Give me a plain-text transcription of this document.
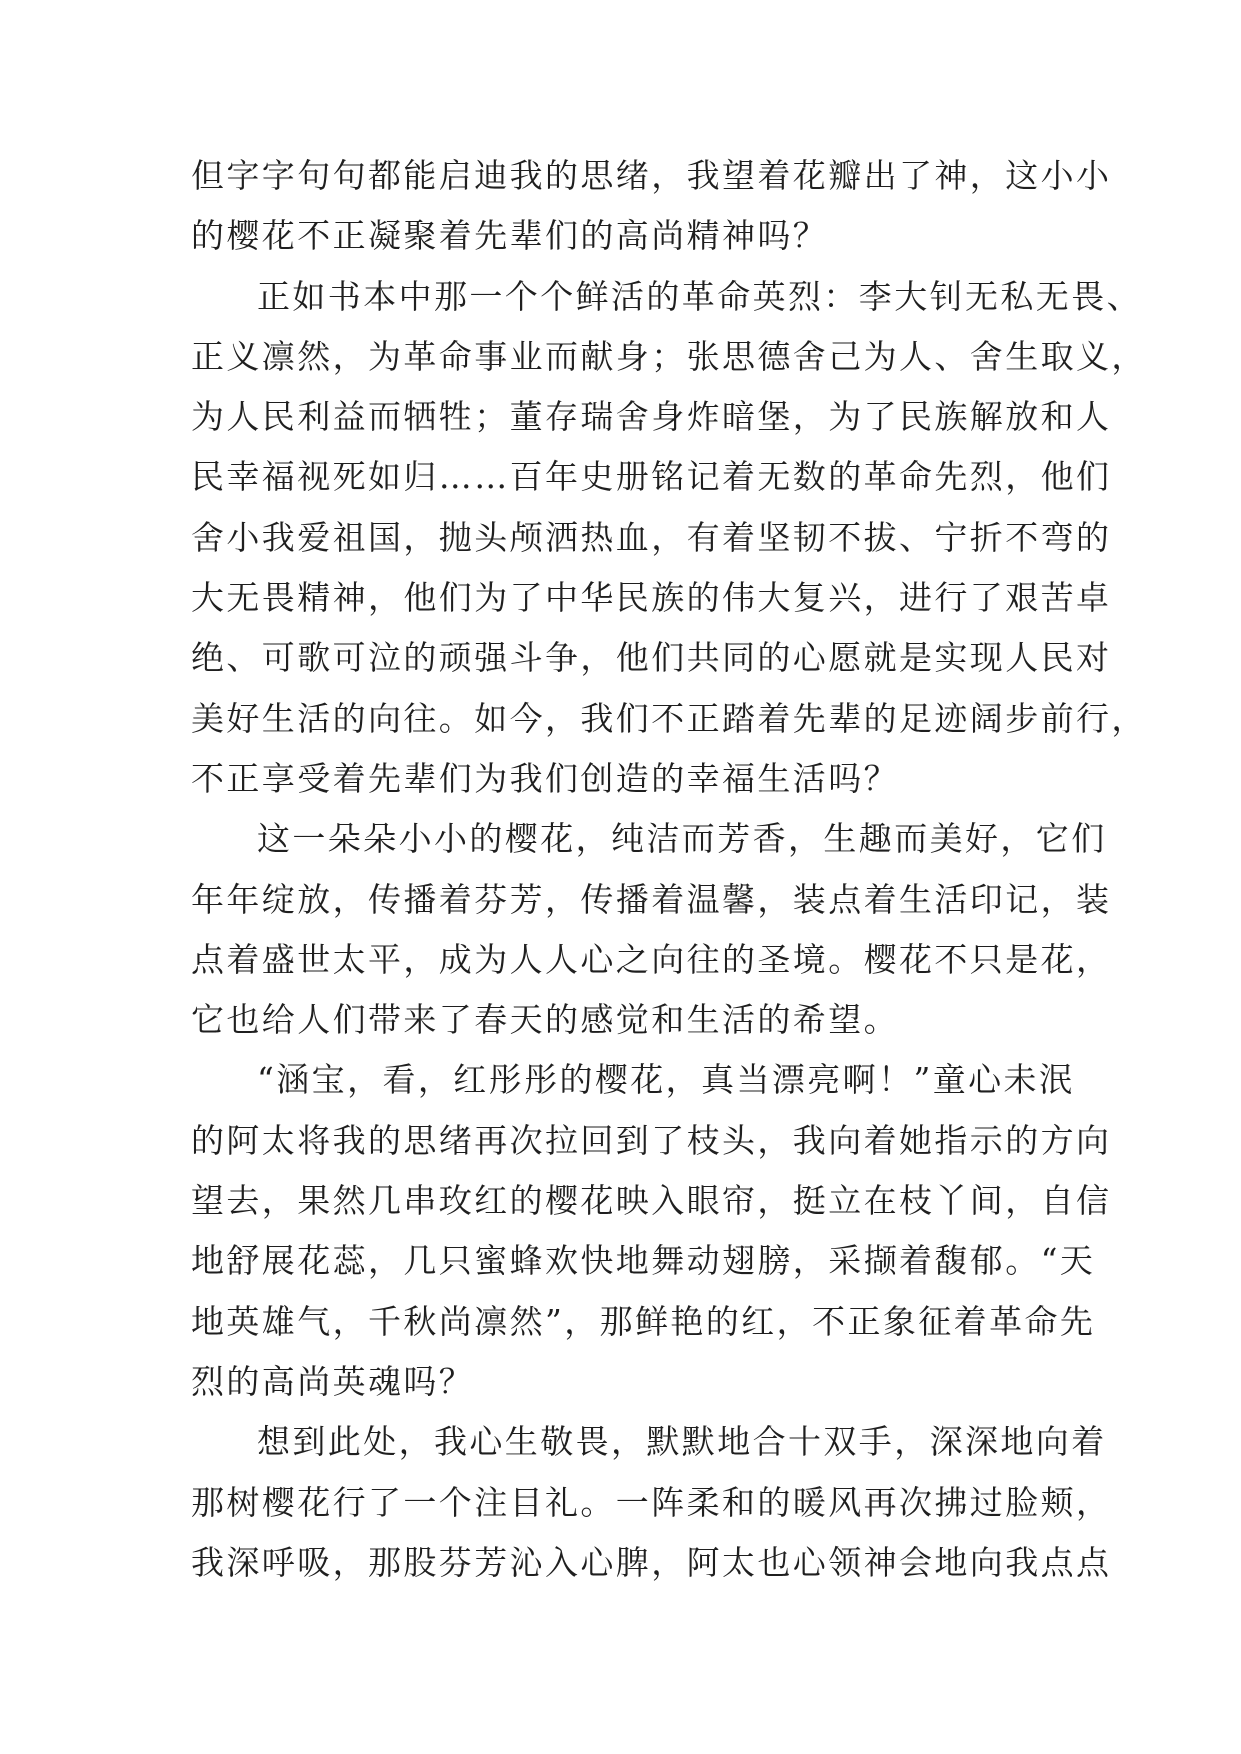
但字字句句都能启迪我的思绪，我望着花瓣出了神，这小小
的樱花不正凝聚着先辈们的高尚精神吗？
正如书本中那一个个鲜活的革命英烈：李大钊无私无畏、
正义凛然，为革命事业而献身；张思德舍己为人、舍生取义，
为人民利益而牺牲；董存瑞舍身炸暗堡，为了民族解放和人
民幸福视死如归……百年史册铭记着无数的革命先烈，他们
舍小我爱祖国，抛头颅洒热血，有着坚韧不拔、宁折不弯的
大无畏精神，他们为了中华民族的伟大复兴，进行了艰苦卓
绝、可歌可泣的顽强斗争，他们共同的心愿就是实现人民对
美好生活的向往。如今，我们不正踏着先辈的足迹阔步前行，
不正享受着先辈们为我们创造的幸福生活吗？
这一朵朵小小的樱花，纯洁而芳香，生趣而美好，它们
年年绽放，传播着芬芳，传播着温馨，装点着生活印记，装
点着盛世太平，成为人人心之向往的圣境。樱花不只是花，
它也给人们带来了春天的感觉和生活的希望。
“涵宝，看，红彤彤的樱花，真当漂亮啊！”童心未泯
的阿太将我的思绪再次拉回到了枝头，我向着她指示的方向
望去，果然几串玫红的樱花映入眼帘，挺立在枝丫间，自信
地舒展花蕊，几只蜜蜂欢快地舞动翅膀，采撷着馥郁。“天
地英雄气，千秋尚凛然”，那鲜艳的红，不正象征着革命先
烈的高尚英魂吗？
想到此处，我心生敬畏，默默地合十双手，深深地向着
那树樱花行了一个注目礼。一阵柔和的暖风再次拂过脸颊，
我深呼吸，那股芬芳沁入心脾，阿太也心领神会地向我点点
